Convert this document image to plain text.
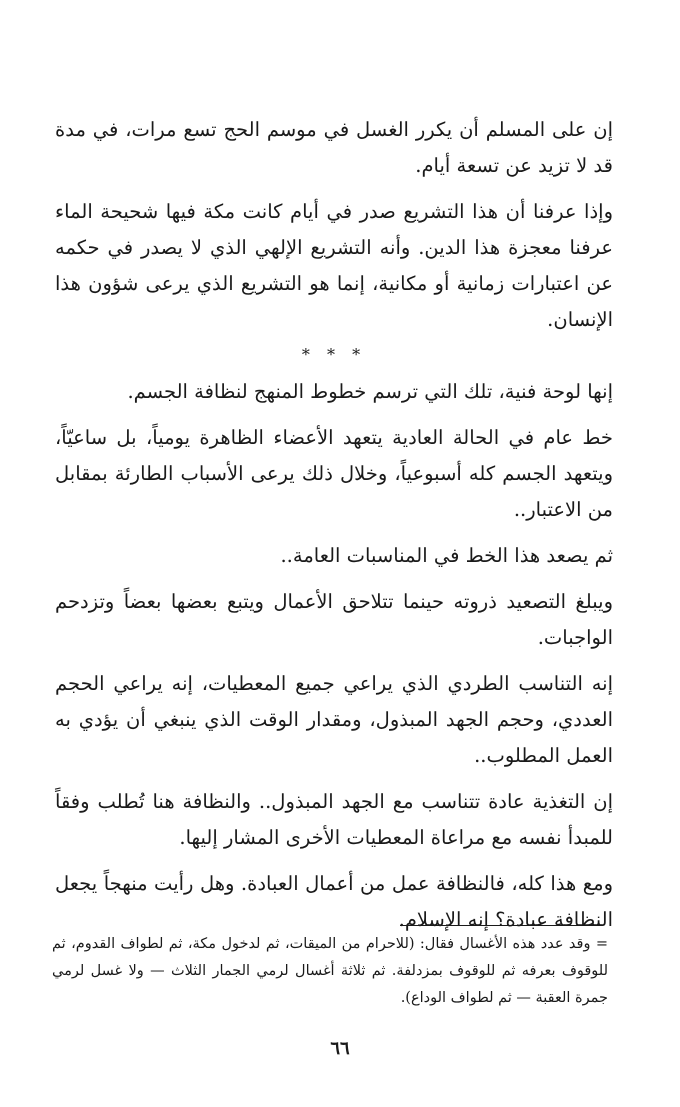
إن على المسلم أن يكرر الغسل في موسم الحج تسع مرات، في مدة قد لا تزيد عن تسعة أيام.

وإذا عرفنا أن هذا التشريع صدر في أيام كانت مكة فيها شحيحة الماء عرفنا معجزة هذا الدين. وأنه التشريع الإلهي الذي لا يصدر في حكمه عن اعتبارات زمانية أو مكانية، إنما هو التشريع الذي يرعى شؤون هذا الإنسان.

* * *

إنها لوحة فنية، تلك التي ترسم خطوط المنهج لنظافة الجسم.

خط عام في الحالة العادية يتعهد الأعضاء الظاهرة يومياً، بل ساعيّاً، ويتعهد الجسم كله أسبوعياً، وخلال ذلك يرعى الأسباب الطارئة بمقابل من الاعتبار..

ثم يصعد هذا الخط في المناسبات العامة..

ويبلغ التصعيد ذروته حينما تتلاحق الأعمال ويتبع بعضها بعضاً وتزدحم الواجبات.

إنه التناسب الطردي الذي يراعي جميع المعطيات، إنه يراعي الحجم العددي، وحجم الجهد المبذول، ومقدار الوقت الذي ينبغي أن يؤدي به العمل المطلوب..

إن التغذية عادة تتناسب مع الجهد المبذول.. والنظافة هنا تُطلب وفقاً للمبدأ نفسه مع مراعاة المعطيات الأخرى المشار إليها.

ومع هذا كله، فالنظافة عمل من أعمال العبادة. وهل رأيت منهجاً يجعل النظافة عبادة؟ إنه الإسلام.

= وقد عدد هذه الأغسال فقال: (للاحرام من الميقات، ثم لدخول مكة، ثم لطواف القدوم، ثم للوقوف بعرفه ثم للوقوف بمزدلفة. ثم ثلاثة أغسال لرمي الجمار الثلاث — ولا غسل لرمي جمرة العقبة — ثم لطواف الوداع).
٦٦
